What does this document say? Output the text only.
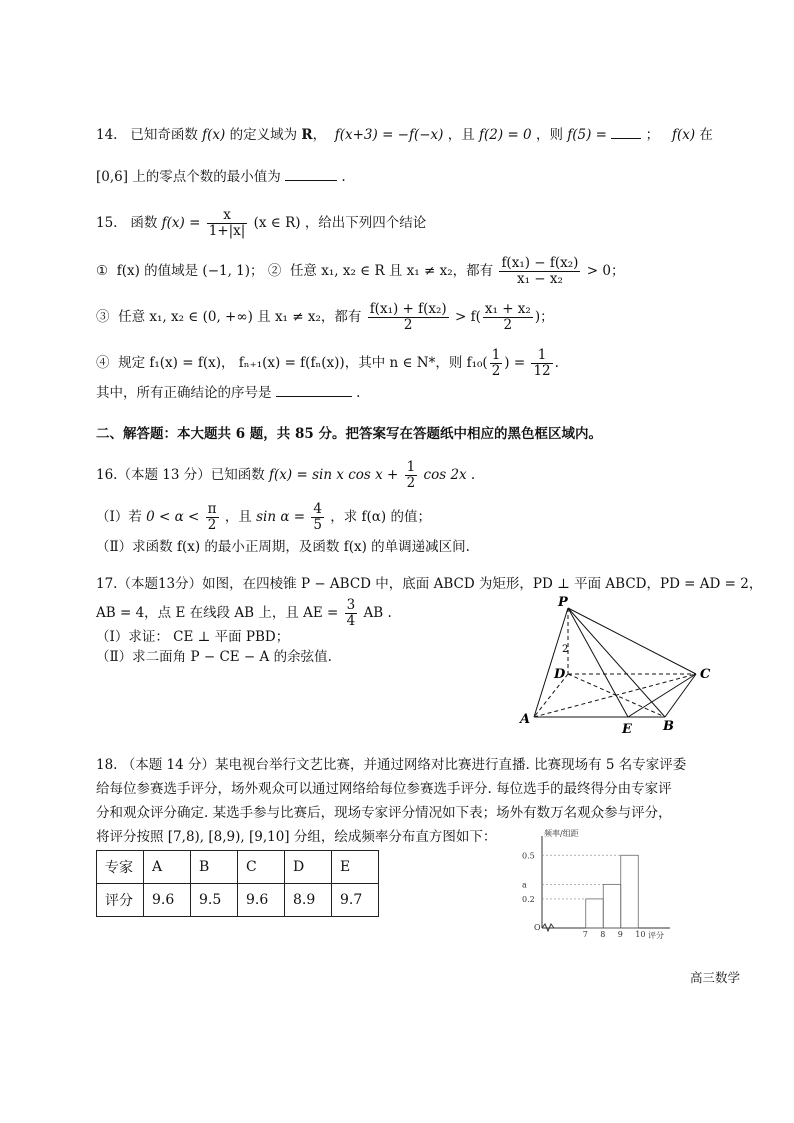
14. 已知奇函数 f(x) 的定义域为 R， f(x+3) = −f(−x) ，且 f(2) = 0 ，则 f(5) =	； f(x) 在
[0,6] 上的零点个数的最小值为	.
15. 函数 $f(x) = \frac{x}{1+|x|} (x$ ∈ R) ，给出下列四个结论
① f(x) 的值域是 (−1, 1)； ② 任意 x₁, x₂ ∈ R 且 x₁ ≠ x₂，都有 $\frac{\text{f(x₁) − f(x₂)}}{\text{x₁ − x₂}} > 0$；
③ 任意 x₁, x₂ ∈ (0, +∞) 且 x₁ ≠ x₂，都有 $\frac{\text{f(x₁) + f(x₂)}}{2} > f( \frac{\text{x₁ + x₂}}{2}$ )；
④ 规定 f₁(x) = f(x)， fₙ₊₁(x) = f(fₙ(x))，其中 n ∈ N*，则 $f_{10}( \frac{1}{2}$ ) = $\frac{1}{12}$ .
其中，所有正确结论的序号是	.
二、解答题：本大题共 6 题，共 85 分。把答案写在答题纸中相应的黑色框区域内。
16.（本题 13 分）已知函数 f(x) = sin x $\cos x + \frac{1}{2}$ cos 2x .
（Ⅰ）若 $0 < \alpha < \frac{\pi}{2}$ ，且 $\sin \alpha = \frac{4}{5}$ ，求 f(α) 的值；
（Ⅱ）求函数 f(x) 的最小正周期，及函数 f(x) 的单调递减区间.
17.（本题13分）如图，在四棱锥 P − ABCD 中，底面 ABCD 为矩形，PD ⊥ 平面 ABCD，PD = AD = 2，
AB = 4，点 E 在线段 AB 上，且 AE = $\frac{3}{4}$ AB .
（Ⅰ）求证： CE ⊥ 平面 PBD；
（Ⅱ）求二面角 P − CE − A 的余弦值.
P
D	C
A
E B
2
18. （本题 14 分）某电视台举行文艺比赛，并通过网络对比赛进行直播. 比赛现场有 5 名专家评委
给每位参赛选手评分，场外观众可以通过网络给每位参赛选手评分. 每位选手的最终得分由专家评
分和观众评分确定. 某选手参与比赛后，现场专家评分情况如下表；场外有数万名观众参与评分，
将评分按照 [7,8), [8,9), [9,10] 分组，绘成频率分布直方图如下：
专家	A	B	C	D	E
评分	9.6	9.5	9.6	8.9	9.7
0.5
a
0.2
7 8 9 10
O
频率/组距
评分
高三数学
